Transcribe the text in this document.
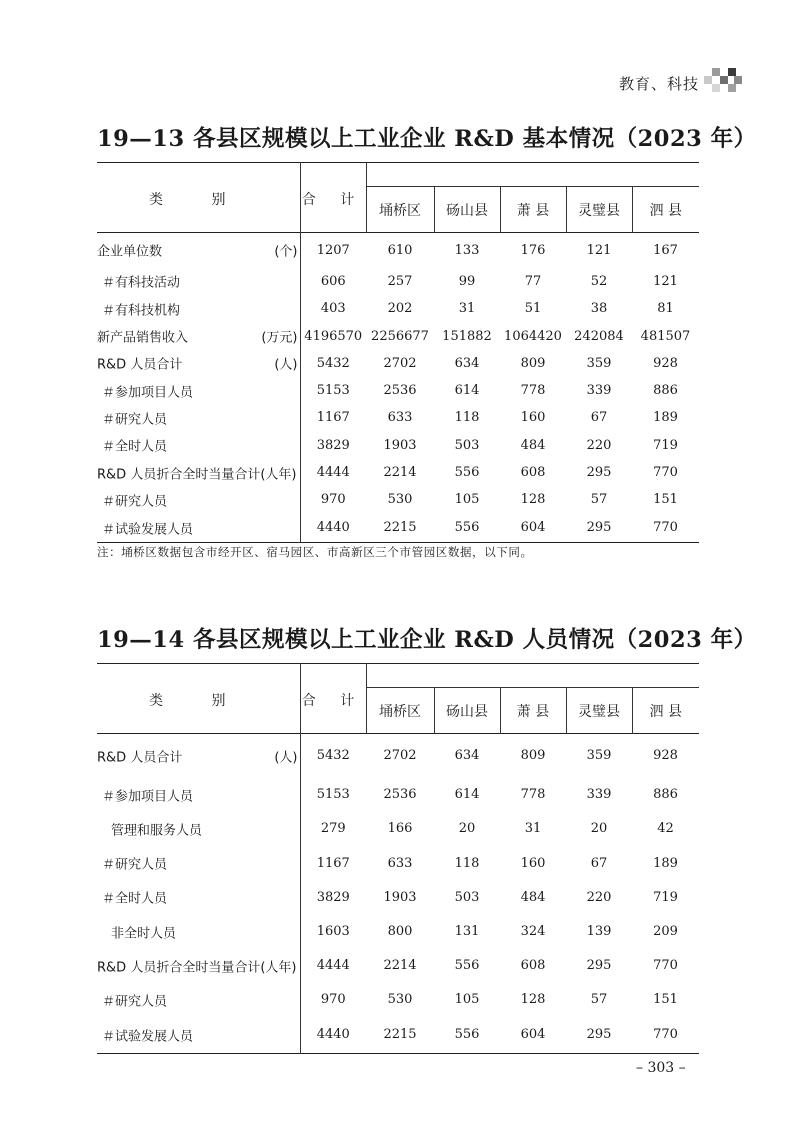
教育、科技
19—13 各县区规模以上工业企业 R&D 基本情况（2023 年）
类 别	合 计					
		埇桥区	砀山县	萧 县	灵璧县	泗 县

企业单位数 (个)	1207	610	133	176	121	167

＃有科技活动	606	257	99	77	52	121

＃有科技机构	403	202	31	51	38	81

新产品销售收入 (万元)	4196570	2256677	151882	1064420	242084	481507

R&D 人员合计 (人)	5432	2702	634	809	359	928

＃参加项目人员	5153	2536	614	778	339	886

＃研究人员	1167	633	118	160	67	189

＃全时人员	3829	1903	503	484	220	719

R&D 人员折合全时当量合计(人年)	4444	2214	556	608	295	770

＃研究人员	970	530	105	128	57	151

＃试验发展人员	4440	2215	556	604	295	770
注：埇桥区数据包含市经开区、宿马园区、市高新区三个市管园区数据，以下同。
19—14 各县区规模以上工业企业 R&D 人员情况（2023 年）
类 别	合 计					
		埇桥区	砀山县	萧 县	灵璧县	泗 县

R&D 人员合计 (人)	5432	2702	634	809	359	928

＃参加项目人员	5153	2536	614	778	339	886

管理和服务人员	279	166	20	31	20	42

＃研究人员	1167	633	118	160	67	189

＃全时人员	3829	1903	503	484	220	719

非全时人员	1603	800	131	324	139	209

R&D 人员折合全时当量合计(人年)	4444	2214	556	608	295	770

＃研究人员	970	530	105	128	57	151

＃试验发展人员	4440	2215	556	604	295	770
– 303 –
